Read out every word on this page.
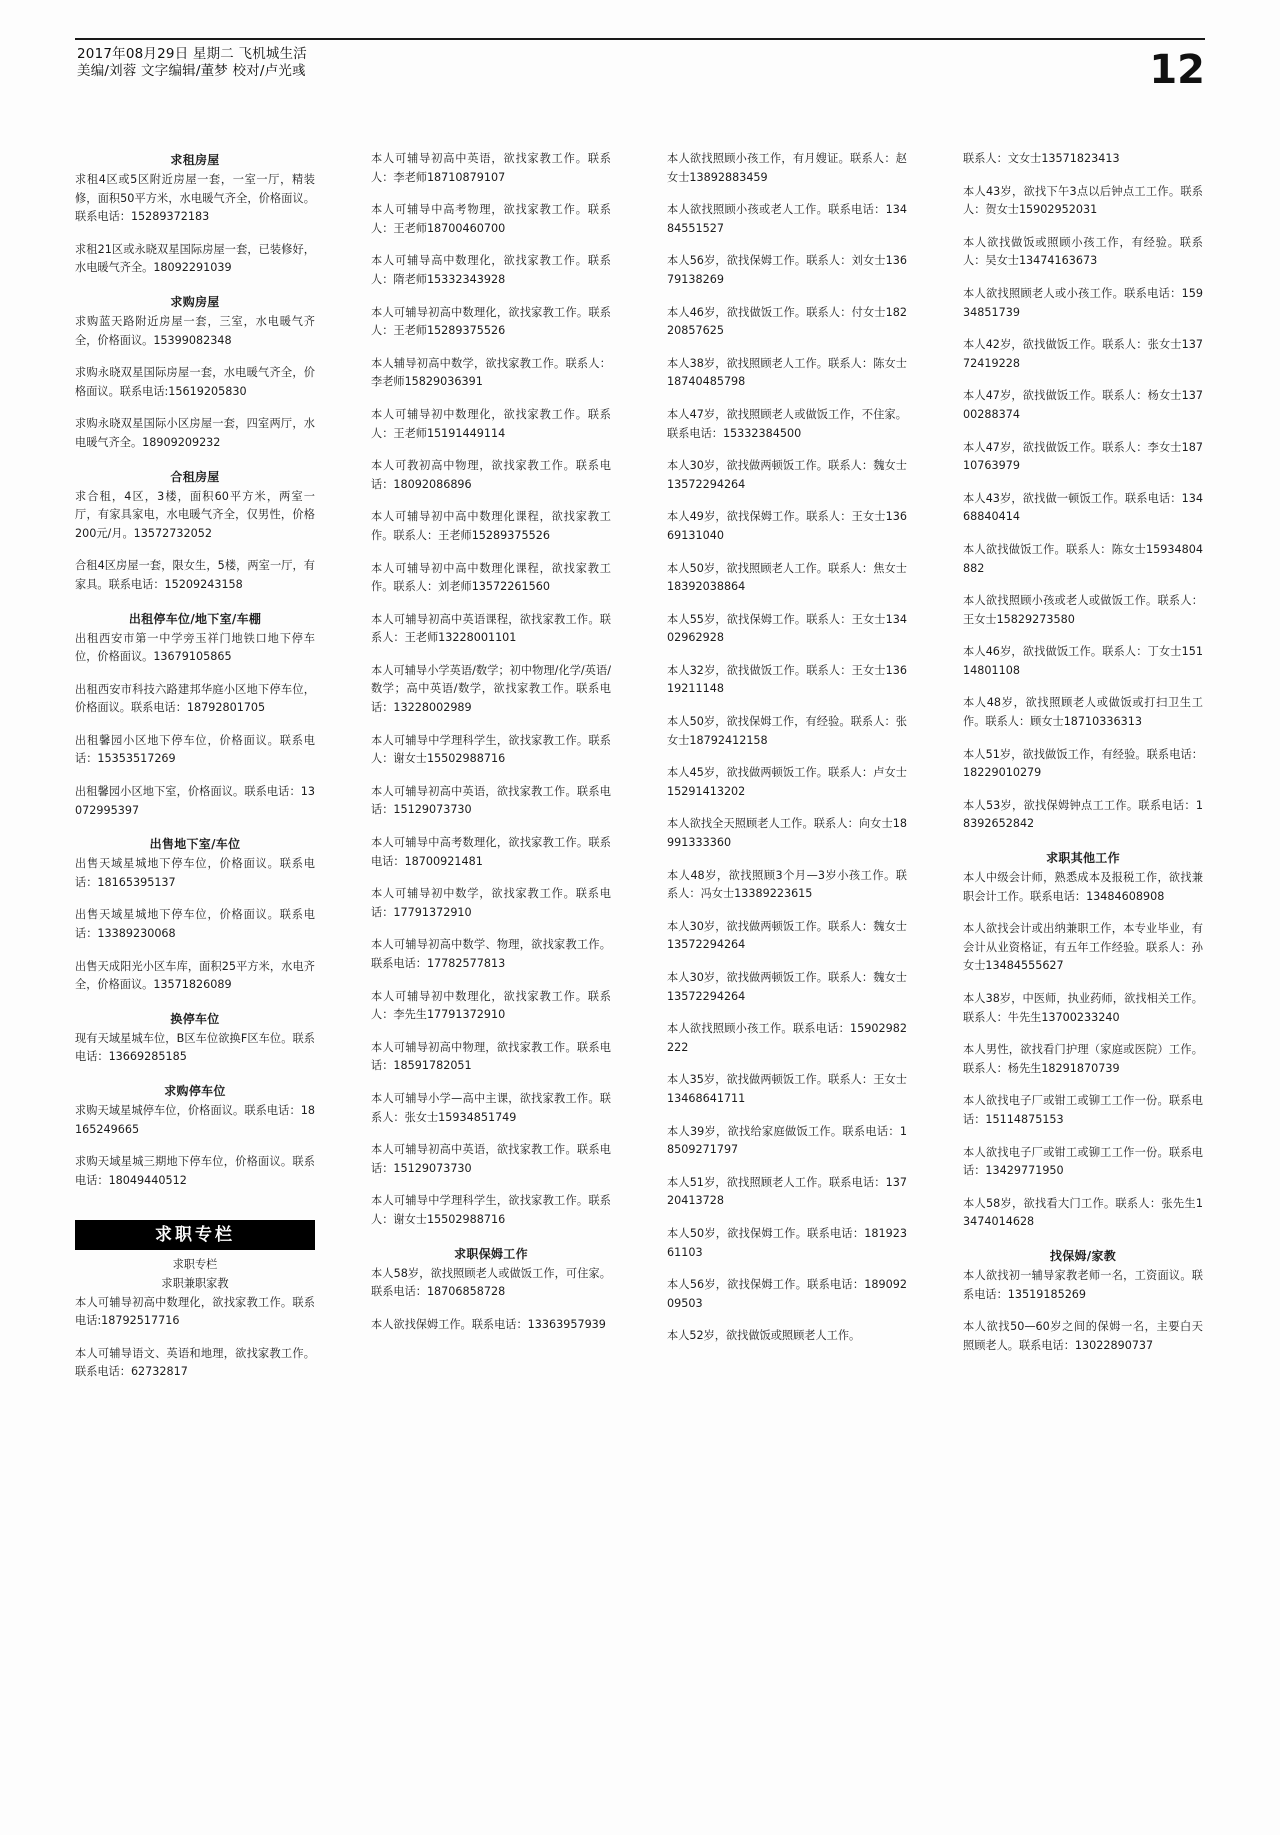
2017年08月29日 星期二 飞机城生活
美编/刘蓉 文字编辑/董梦 校对/卢光彧	12
求租房屋
求租4区或5区附近房屋一套，一室一厅，精装修，面积50平方米，水电暖气齐全，价格面议。联系电话：15289372183
求租21区或永晓双星国际房屋一套，已装修好，水电暖气齐全。18092291039
求购房屋
求购蓝天路附近房屋一套，三室，水电暖气齐全，价格面议。15399082348
求购永晓双星国际房屋一套，水电暖气齐全，价格面议。联系电话:15619205830
求购永晓双星国际小区房屋一套，四室两厅，水电暖气齐全。18909209232
合租房屋
求合租，4区，3楼，面积60平方米，两室一厅，有家具家电，水电暖气齐全，仅男性，价格200元/月。13572732052
合租4区房屋一套，限女生，5楼，两室一厅，有家具。联系电话：15209243158
出租停车位/地下室/车棚
出租西安市第一中学旁玉祥门地铁口地下停车位，价格面议。13679105865
出租西安市科技六路建邦华庭小区地下停车位，价格面议。联系电话：18792801705
出租馨园小区地下停车位，价格面议。联系电话：15353517269
出租馨园小区地下室，价格面议。联系电话：13072995397
出售地下室/车位
出售天域星城地下停车位，价格面议。联系电话：18165395137
出售天域星城地下停车位，价格面议。联系电话：13389230068
出售天成阳光小区车库，面积25平方米，水电齐全，价格面议。13571826089
换停车位
现有天域星城车位，B区车位欲换F区车位。联系电话：13669285185
求购停车位
求购天域星城停车位，价格面议。联系电话：18165249665
求购天域星城三期地下停车位，价格面议。联系电话：18049440512
求职专栏
求职专栏
求职兼职家教
本人可辅导初高中数理化，欲找家教工作。联系电话:18792517716
本人可辅导语文、英语和地理，欲找家教工作。联系电话：62732817
本人可辅导初高中英语，欲找家教工作。联系人：李老师18710879107
本人可辅导中高考物理，欲找家教工作。联系人：王老师18700460700
本人可辅导高中数理化，欲找家教工作。联系人：隋老师15332343928
本人可辅导初高中数理化，欲找家教工作。联系人：王老师15289375526
本人辅导初高中数学，欲找家教工作。联系人：李老师15829036391
本人可辅导初中数理化，欲找家教工作。联系人：王老师15191449114
本人可教初高中物理，欲找家教工作。联系电话：18092086896
本人可辅导初中高中数理化课程，欲找家教工作。联系人：王老师15289375526
本人可辅导初中高中数理化课程，欲找家教工作。联系人：刘老师13572261560
本人可辅导初高中英语课程，欲找家教工作。联系人：王老师13228001101
本人可辅导小学英语/数学；初中物理/化学/英语/数学；高中英语/数学，欲找家教工作。联系电话：13228002989
本人可辅导中学理科学生，欲找家教工作。联系人：谢女士15502988716
本人可辅导初高中英语，欲找家教工作。联系电话：15129073730
本人可辅导中高考数理化，欲找家教工作。联系电话：18700921481
本人可辅导初中数学，欲找家教工作。联系电话：17791372910
本人可辅导初高中数学、物理，欲找家教工作。联系电话：17782577813
本人可辅导初中数理化，欲找家教工作。联系人：李先生17791372910
本人可辅导初高中物理，欲找家教工作。联系电话：18591782051
本人可辅导小学—高中主课，欲找家教工作。联系人：张女士15934851749
本人可辅导初高中英语，欲找家教工作。联系电话：15129073730
本人可辅导中学理科学生，欲找家教工作。联系人：谢女士15502988716
求职保姆工作
本人58岁，欲找照顾老人或做饭工作，可住家。联系电话：18706858728
本人欲找保姆工作。联系电话：13363957939
本人欲找照顾小孩工作，有月嫂证。联系人：赵女士13892883459
本人欲找照顾小孩或老人工作。联系电话：13484551527
本人56岁，欲找保姆工作。联系人：刘女士13679138269
本人46岁，欲找做饭工作。联系人：付女士18220857625
本人38岁，欲找照顾老人工作。联系人：陈女士18740485798
本人47岁，欲找照顾老人或做饭工作，不住家。联系电话：15332384500
本人30岁，欲找做两顿饭工作。联系人：魏女士13572294264
本人49岁，欲找保姆工作。联系人：王女士13669131040
本人50岁，欲找照顾老人工作。联系人：焦女士18392038864
本人55岁，欲找保姆工作。联系人：王女士13402962928
本人32岁，欲找做饭工作。联系人：王女士13619211148
本人50岁，欲找保姆工作，有经验。联系人：张女士18792412158
本人45岁，欲找做两顿饭工作。联系人：卢女士15291413202
本人欲找全天照顾老人工作。联系人：向女士18991333360
本人48岁，欲找照顾3个月—3岁小孩工作。联系人：冯女士13389223615
本人30岁，欲找做两顿饭工作。联系人：魏女士13572294264
本人30岁，欲找做两顿饭工作。联系人：魏女士13572294264
本人欲找照顾小孩工作。联系电话：15902982222
本人35岁，欲找做两顿饭工作。联系人：王女士13468641711
本人39岁，欲找给家庭做饭工作。联系电话：18509271797
本人51岁，欲找照顾老人工作。联系电话：13720413728
本人50岁，欲找保姆工作。联系电话：18192361103
本人56岁，欲找保姆工作。联系电话：18909209503
本人52岁，欲找做饭或照顾老人工作。
联系人：文女士13571823413
本人43岁，欲找下午3点以后钟点工工作。联系人：贺女士15902952031
本人欲找做饭或照顾小孩工作，有经验。联系人：吴女士13474163673
本人欲找照顾老人或小孩工作。联系电话：15934851739
本人42岁，欲找做饭工作。联系人：张女士13772419228
本人47岁，欲找做饭工作。联系人：杨女士13700288374
本人47岁，欲找做饭工作。联系人：李女士18710763979
本人43岁，欲找做一顿饭工作。联系电话：13468840414
本人欲找做饭工作。联系人：陈女士15934804882
本人欲找照顾小孩或老人或做饭工作。联系人：王女士15829273580
本人46岁，欲找做饭工作。联系人：丁女士15114801108
本人48岁，欲找照顾老人或做饭或打扫卫生工作。联系人：顾女士18710336313
本人51岁，欲找做饭工作，有经验。联系电话：18229010279
本人53岁，欲找保姆钟点工工作。联系电话：18392652842
求职其他工作
本人中级会计师，熟悉成本及报税工作，欲找兼职会计工作。联系电话：13484608908
本人欲找会计或出纳兼职工作，本专业毕业，有会计从业资格证，有五年工作经验。联系人：孙女士13484555627
本人38岁，中医师，执业药师，欲找相关工作。联系人：牛先生13700233240
本人男性，欲找看门护理（家庭或医院）工作。联系人：杨先生18291870739
本人欲找电子厂或钳工或铆工工作一份。联系电话：15114875153
本人欲找电子厂或钳工或铆工工作一份。联系电话：13429771950
本人58岁，欲找看大门工作。联系人：张先生13474014628
找保姆/家教
本人欲找初一辅导家教老师一名，工资面议。联系电话：13519185269
本人欲找50—60岁之间的保姆一名，主要白天照顾老人。联系电话：13022890737
